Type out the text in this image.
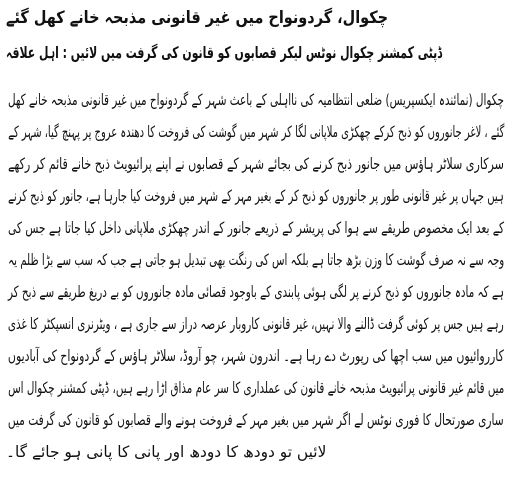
چکوال، گردونواح میں غیر قانونی مذبحہ خانے کھل گئے
ڈپٹی کمشنر چکوال نوٹس لیکر قصابوں کو قانون کی گرفت میں لائیں : اہل علاقہ
چکوال (نمائندہ ایکسپریس) ضلعی انتظامیہ کی نااہلی کے باعث شہر کے گردونواح میں غیر قانونی مذبحہ خانے کھل
گئے ، لاغر جانوروں کو ذبح کرکے چھکڑی ملاپانی لگا کر شہر میں گوشت کی فروخت کا دھندہ عروج پر پہنچ گیا، شہر کے
سرکاری سلاٹر ہاؤس میں جانور ذبح کرنے کی بجائے شہر کے قصابوں نے اپنے پرائیویٹ ذبح خانے قائم کر رکھے
ہیں جہاں پر غیر قانونی طور پر جانوروں کو ذبح کر کے بغیر مہر کے شہر میں فروخت کیا جارہا ہے، جانور کو ذبح کرنے
کے بعد ایک مخصوص طریقے سے ہوا کی پریشر کے ذریعے جانور کے اندر چھکڑی ملاپانی داخل کیا جاتا ہے جس کی
وجہ سے نہ صرف گوشت کا وزن بڑھ جاتا ہے بلکہ اس کی رنگت بھی تبدیل ہو جاتی ہے جب کہ سب سے بڑا ظلم یہ
ہے کہ مادہ جانوروں کو ذبح کرنے پر لگی ہوئی پابندی کے باوجود قصائی مادہ جانوروں کو بے دریغ طریقے سے ذبح کر
رہے ہیں جس پر کوئی گرفت ڈالنے والا نہیں، غیر قانونی کاروبار عرصہ دراز سے جاری ہے ، ویٹرنری انسپکٹر کا غذی
کارروائیوں میں سب اچھا کی رپورٹ دے رہا ہے۔ اندرون شہر، چو آروڈ، سلاٹر ہاؤس کے گردونواح کی آبادیوں
میں قائم غیر قانونی پرائیویٹ مذبحہ خانے قانون کی عملداری کا سر عام مذاق اڑا رہے ہیں، ڈپٹی کمشنر چکوال اس
ساری صورتحال کا فوری نوٹس لے اگر شہر میں بغیر مہر کے فروخت ہونے والے قصابوں کو قانون کی گرفت میں
لائیں تو دودھ کا دودھ اور پانی کا پانی ہو جائے گا۔
